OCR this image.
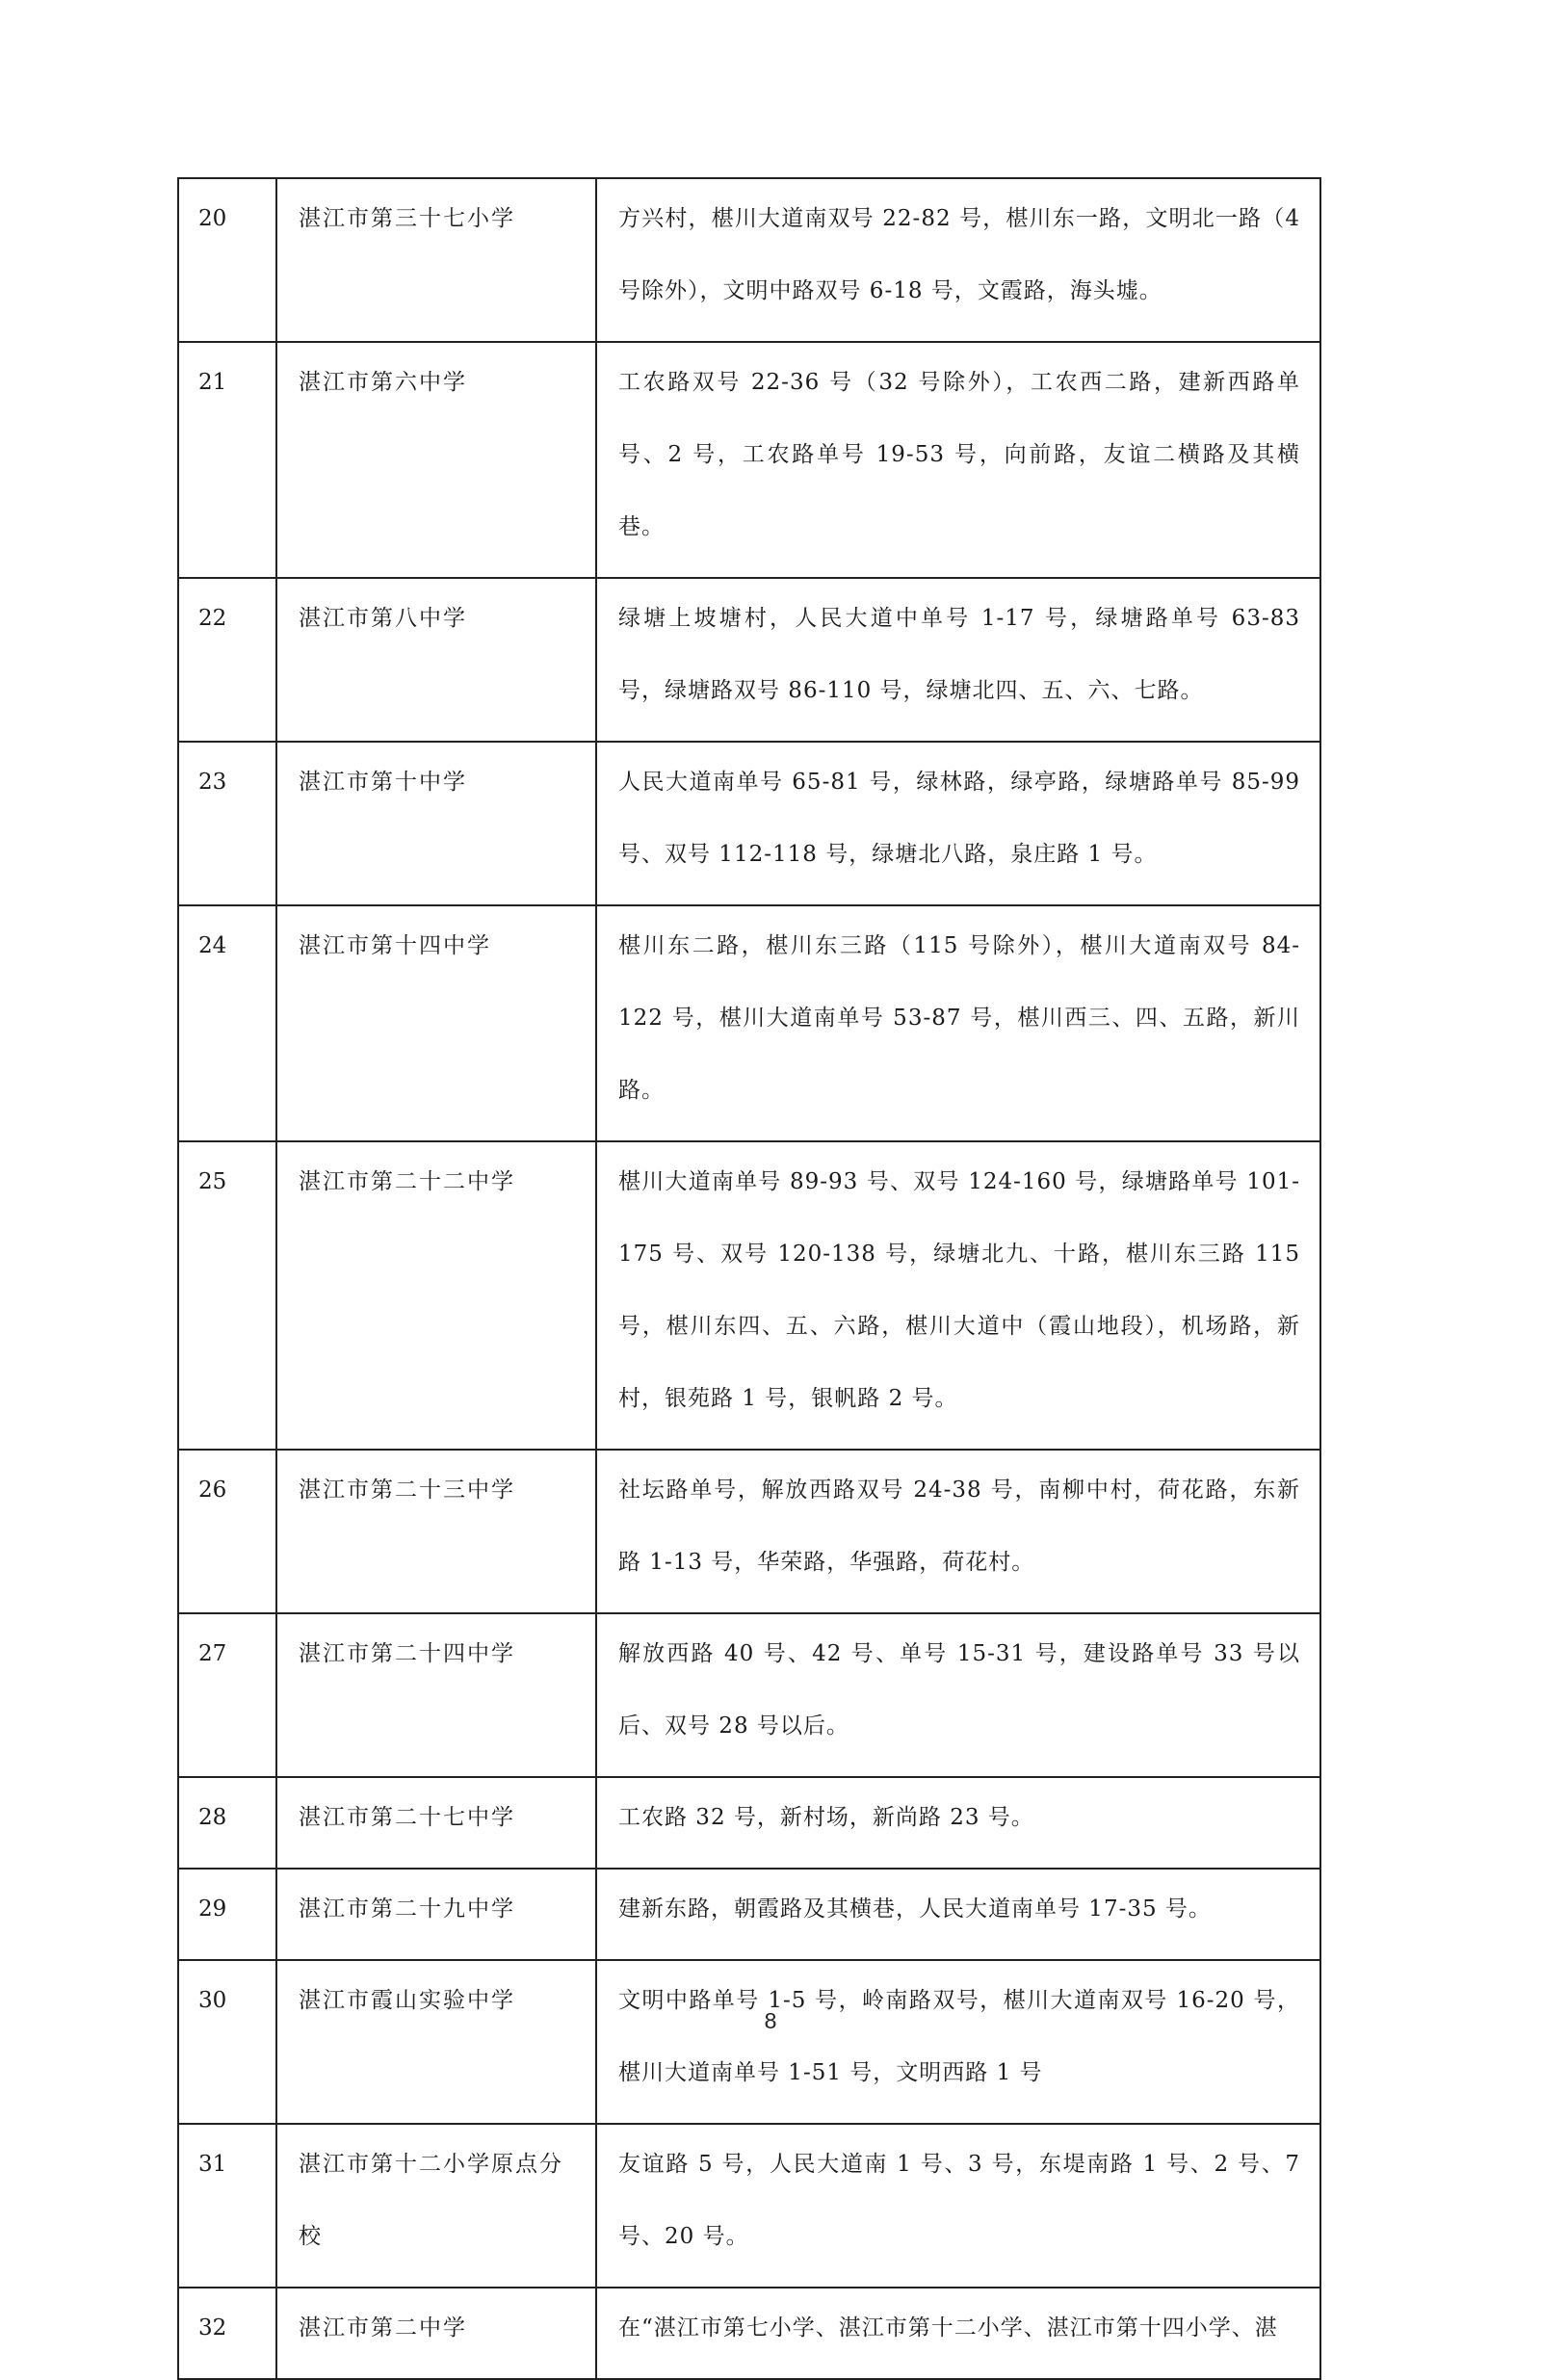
20	湛江市第三十七小学	方兴村，椹川大道南双号 22-82 号，椹川东一路，文明北一路（4号除外），文明中路双号 6-18 号，文霞路，海头墟。

21	湛江市第六中学	工农路双号 22-36 号（32 号除外），工农西二路，建新西路单号、2 号，工农路单号 19-53 号，向前路，友谊二横路及其横巷。

22	湛江市第八中学	绿塘上坡塘村，人民大道中单号 1-17 号，绿塘路单号 63-83 号，绿塘路双号 86-110 号，绿塘北四、五、六、七路。

23	湛江市第十中学	人民大道南单号 65-81 号，绿林路，绿亭路，绿塘路单号 85-99 号、双号 112-118 号，绿塘北八路，泉庄路 1 号。

24	湛江市第十四中学	椹川东二路，椹川东三路（115 号除外），椹川大道南双号 84-122 号，椹川大道南单号 53-87 号，椹川西三、四、五路，新川路。

25	湛江市第二十二中学	椹川大道南单号 89-93 号、双号 124-160 号，绿塘路单号 101-175 号、双号 120-138 号，绿塘北九、十路，椹川东三路 115 号，椹川东四、五、六路，椹川大道中（霞山地段），机场路，新村，银苑路 1 号，银帆路 2 号。

26	湛江市第二十三中学	社坛路单号，解放西路双号 24-38 号，南柳中村，荷花路，东新路 1-13 号，华荣路，华强路，荷花村。

27	湛江市第二十四中学	解放西路 40 号、42 号、单号 15-31 号，建设路单号 33 号以后、双号 28 号以后。

28	湛江市第二十七中学	工农路 32 号，新村场，新尚路 23 号。

29	湛江市第二十九中学	建新东路，朝霞路及其横巷，人民大道南单号 17-35 号。

30	湛江市霞山实验中学	文明中路单号 1-5 号，岭南路双号，椹川大道南双号 16-20 号，椹川大道南单号 1-51 号，文明西路 1 号

31	湛江市第十二小学原点分校	友谊路 5 号，人民大道南 1 号、3 号，东堤南路 1 号、2 号、7 号、20 号。

32	湛江市第二中学	在“湛江市第七小学、湛江市第十二小学、湛江市第十四小学、湛
8
